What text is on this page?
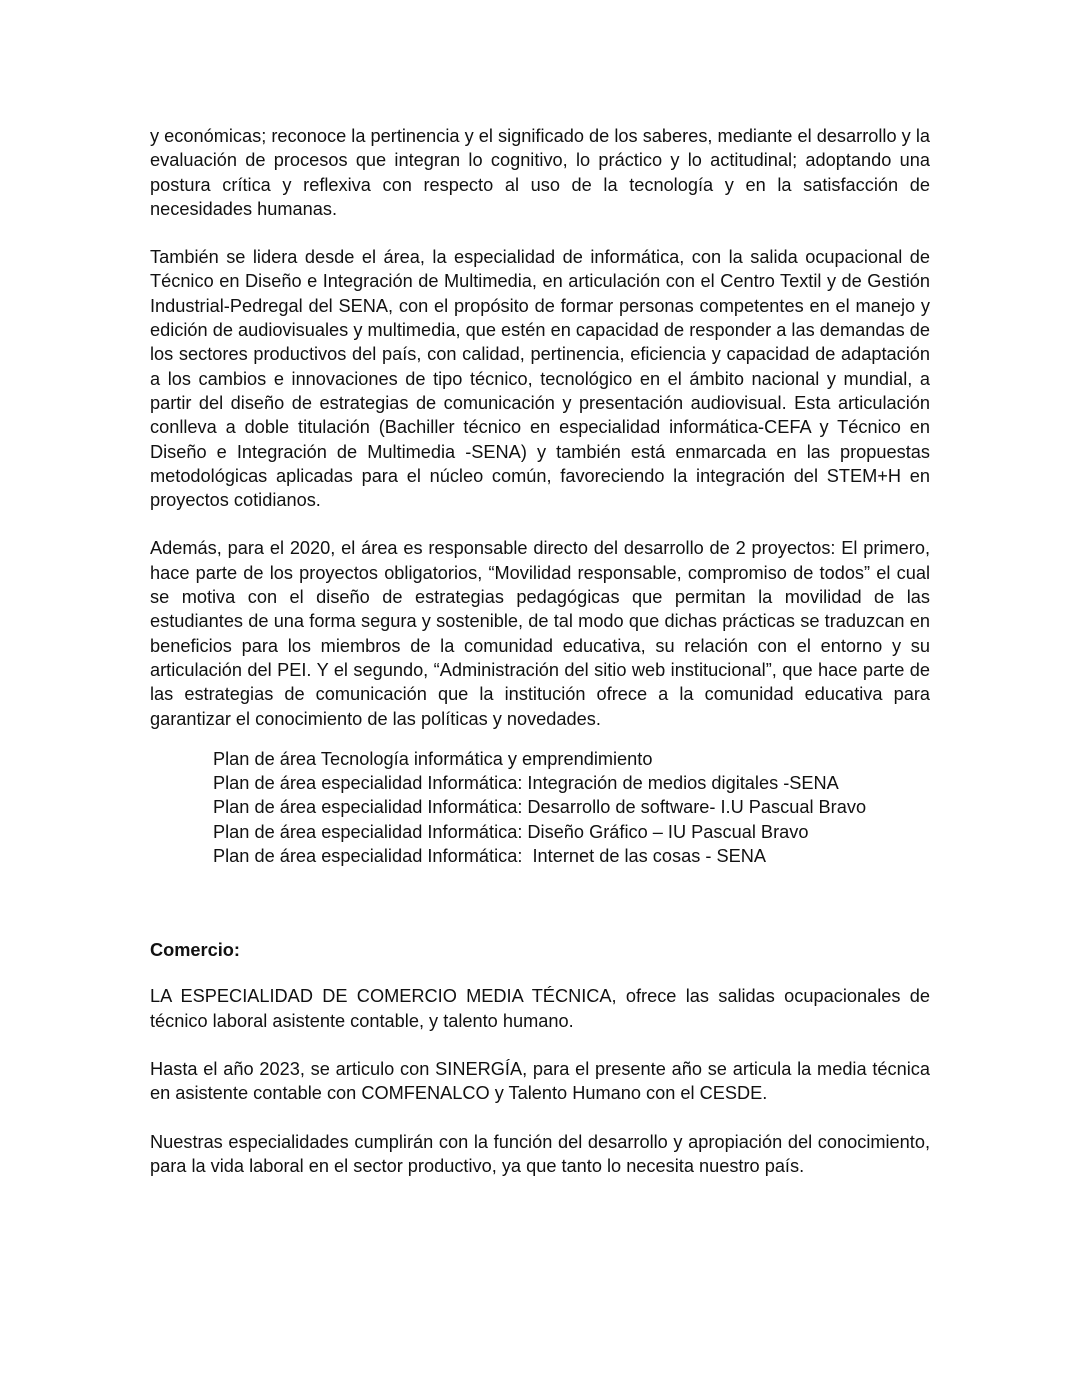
y económicas; reconoce la pertinencia y el significado de los saberes, mediante el desarrollo y la evaluación de procesos que integran lo cognitivo, lo práctico y lo actitudinal; adoptando una postura crítica y reflexiva con respecto al uso de la tecnología y en la satisfacción de necesidades humanas.

También se lidera desde el área, la especialidad de informática, con la salida ocupacional de Técnico en Diseño e Integración de Multimedia, en articulación con el Centro Textil y de Gestión Industrial-Pedregal del SENA, con el propósito de formar personas competentes en el manejo y edición de audiovisuales y multimedia, que estén en capacidad de responder a las demandas de los sectores productivos del país, con calidad, pertinencia, eficiencia y capacidad de adaptación a los cambios e innovaciones de tipo técnico, tecnológico en el ámbito nacional y mundial, a partir del diseño de estrategias de comunicación y presentación audiovisual. Esta articulación conlleva a doble titulación (Bachiller técnico en especialidad informática-CEFA y Técnico en Diseño e Integración de Multimedia -SENA) y también está enmarcada en las propuestas metodológicas aplicadas para el núcleo común, favoreciendo la integración del STEM+H en proyectos cotidianos.

Además, para el 2020, el área es responsable directo del desarrollo de 2 proyectos: El primero, hace parte de los proyectos obligatorios, “Movilidad responsable, compromiso de todos” el cual se motiva con el diseño de estrategias pedagógicas que permitan la movilidad de las estudiantes de una forma segura y sostenible, de tal modo que dichas prácticas se traduzcan en beneficios para los miembros de la comunidad educativa, su relación con el entorno y su articulación del PEI. Y el segundo, “Administración del sitio web institucional”, que hace parte de las estrategias de comunicación que la institución ofrece a la comunidad educativa para garantizar el conocimiento de las políticas y novedades.

Plan de área Tecnología informática y emprendimiento
Plan de área especialidad Informática: Integración de medios digitales -SENA
Plan de área especialidad Informática: Desarrollo de software- I.U Pascual Bravo
Plan de área especialidad Informática: Diseño Gráfico – IU Pascual Bravo
Plan de área especialidad Informática:  Internet de las cosas - SENA
Comercio:

LA ESPECIALIDAD DE COMERCIO MEDIA TÉCNICA, ofrece las salidas ocupacionales de técnico laboral asistente contable, y talento humano.

Hasta el año 2023, se articulo con SINERGÍA, para el presente año se articula la media técnica en asistente contable con COMFENALCO y Talento Humano con el CESDE.

Nuestras especialidades cumplirán con la función del desarrollo y apropiación del conocimiento, para la vida laboral en el sector productivo, ya que tanto lo necesita nuestro país.
